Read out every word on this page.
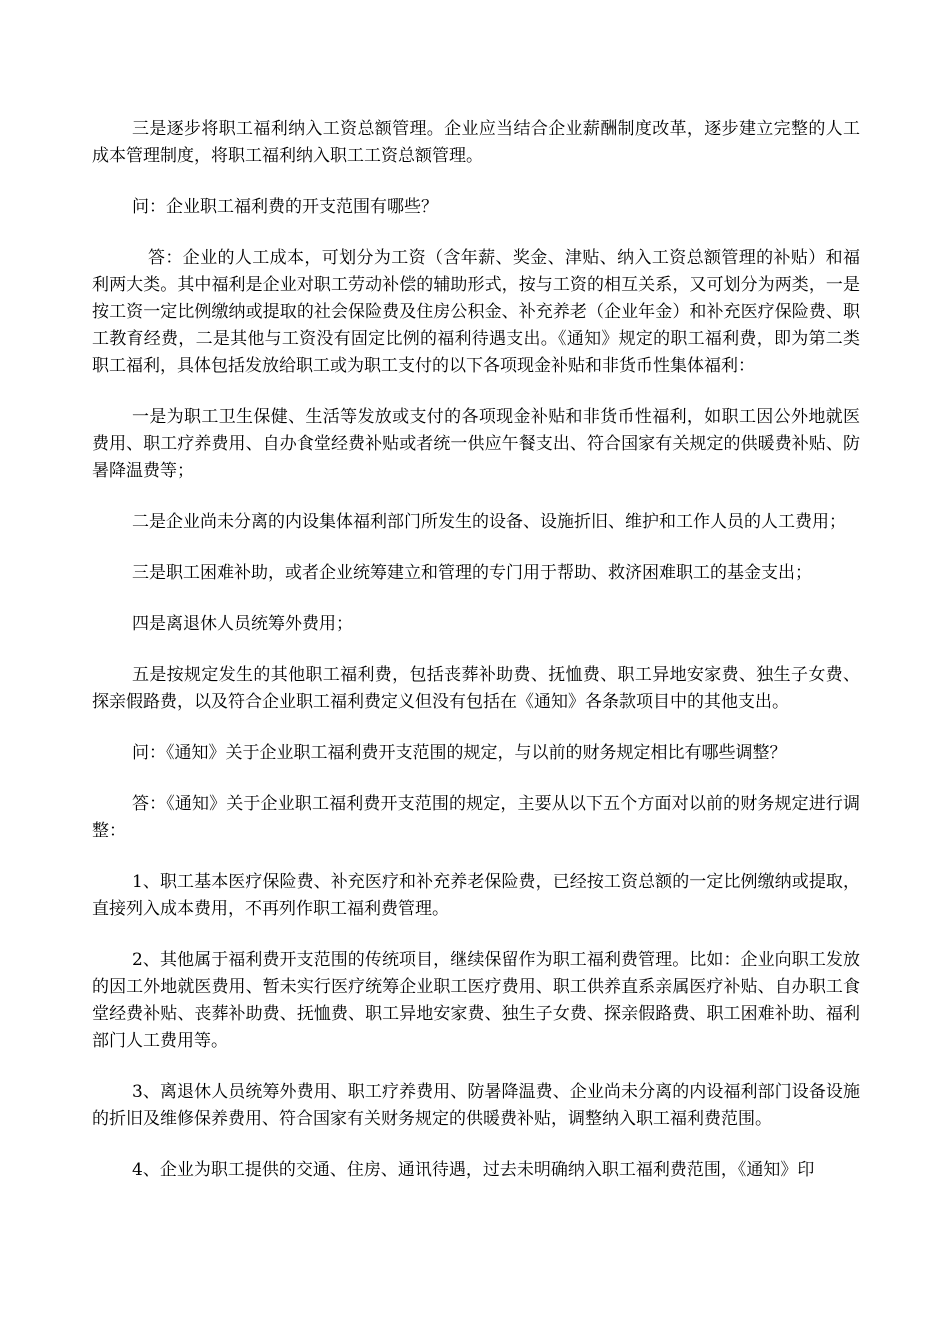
三是逐步将职工福利纳入工资总额管理。企业应当结合企业薪酬制度改革，逐步建立完整的人工成本管理制度，将职工福利纳入职工工资总额管理。

问：企业职工福利费的开支范围有哪些？

答：企业的人工成本，可划分为工资（含年薪、奖金、津贴、纳入工资总额管理的补贴）和福利两大类。其中福利是企业对职工劳动补偿的辅助形式，按与工资的相互关系，又可划分为两类，一是按工资一定比例缴纳或提取的社会保险费及住房公积金、补充养老（企业年金）和补充医疗保险费、职工教育经费，二是其他与工资没有固定比例的福利待遇支出。《通知》规定的职工福利费，即为第二类职工福利，具体包括发放给职工或为职工支付的以下各项现金补贴和非货币性集体福利：

一是为职工卫生保健、生活等发放或支付的各项现金补贴和非货币性福利，如职工因公外地就医费用、职工疗养费用、自办食堂经费补贴或者统一供应午餐支出、符合国家有关规定的供暖费补贴、防暑降温费等；

二是企业尚未分离的内设集体福利部门所发生的设备、设施折旧、维护和工作人员的人工费用；

三是职工困难补助，或者企业统筹建立和管理的专门用于帮助、救济困难职工的基金支出；

四是离退休人员统筹外费用；

五是按规定发生的其他职工福利费，包括丧葬补助费、抚恤费、职工异地安家费、独生子女费、探亲假路费，以及符合企业职工福利费定义但没有包括在《通知》各条款项目中的其他支出。

问：《通知》关于企业职工福利费开支范围的规定，与以前的财务规定相比有哪些调整？

答：《通知》关于企业职工福利费开支范围的规定，主要从以下五个方面对以前的财务规定进行调整：

1、职工基本医疗保险费、补充医疗和补充养老保险费，已经按工资总额的一定比例缴纳或提取，直接列入成本费用，不再列作职工福利费管理。

2、其他属于福利费开支范围的传统项目，继续保留作为职工福利费管理。比如：企业向职工发放的因工外地就医费用、暂未实行医疗统筹企业职工医疗费用、职工供养直系亲属医疗补贴、自办职工食堂经费补贴、丧葬补助费、抚恤费、职工异地安家费、独生子女费、探亲假路费、职工困难补助、福利部门人工费用等。

3、离退休人员统筹外费用、职工疗养费用、防暑降温费、企业尚未分离的内设福利部门设备设施的折旧及维修保养费用、符合国家有关财务规定的供暖费补贴，调整纳入职工福利费范围。

4、企业为职工提供的交通、住房、通讯待遇，过去未明确纳入职工福利费范围，《通知》印
